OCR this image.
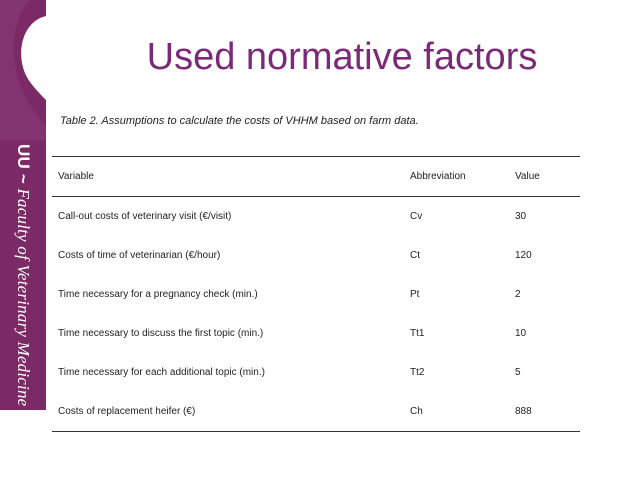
UU ~ Faculty of Veterinary Medicine
Used normative factors
Table 2. Assumptions to calculate the costs of VHHM based on farm data.
Variable	Abbreviation	Value
Call-out costs of veterinary visit (€/visit)	Cv	30
Costs of time of veterinarian (€/hour)	Ct	120
Time necessary for a pregnancy check (min.)	Pt	2
Time necessary to discuss the first topic (min.)	Tt1	10
Time necessary for each additional topic (min.)	Tt2	5
Costs of replacement heifer (€)	Ch	888
